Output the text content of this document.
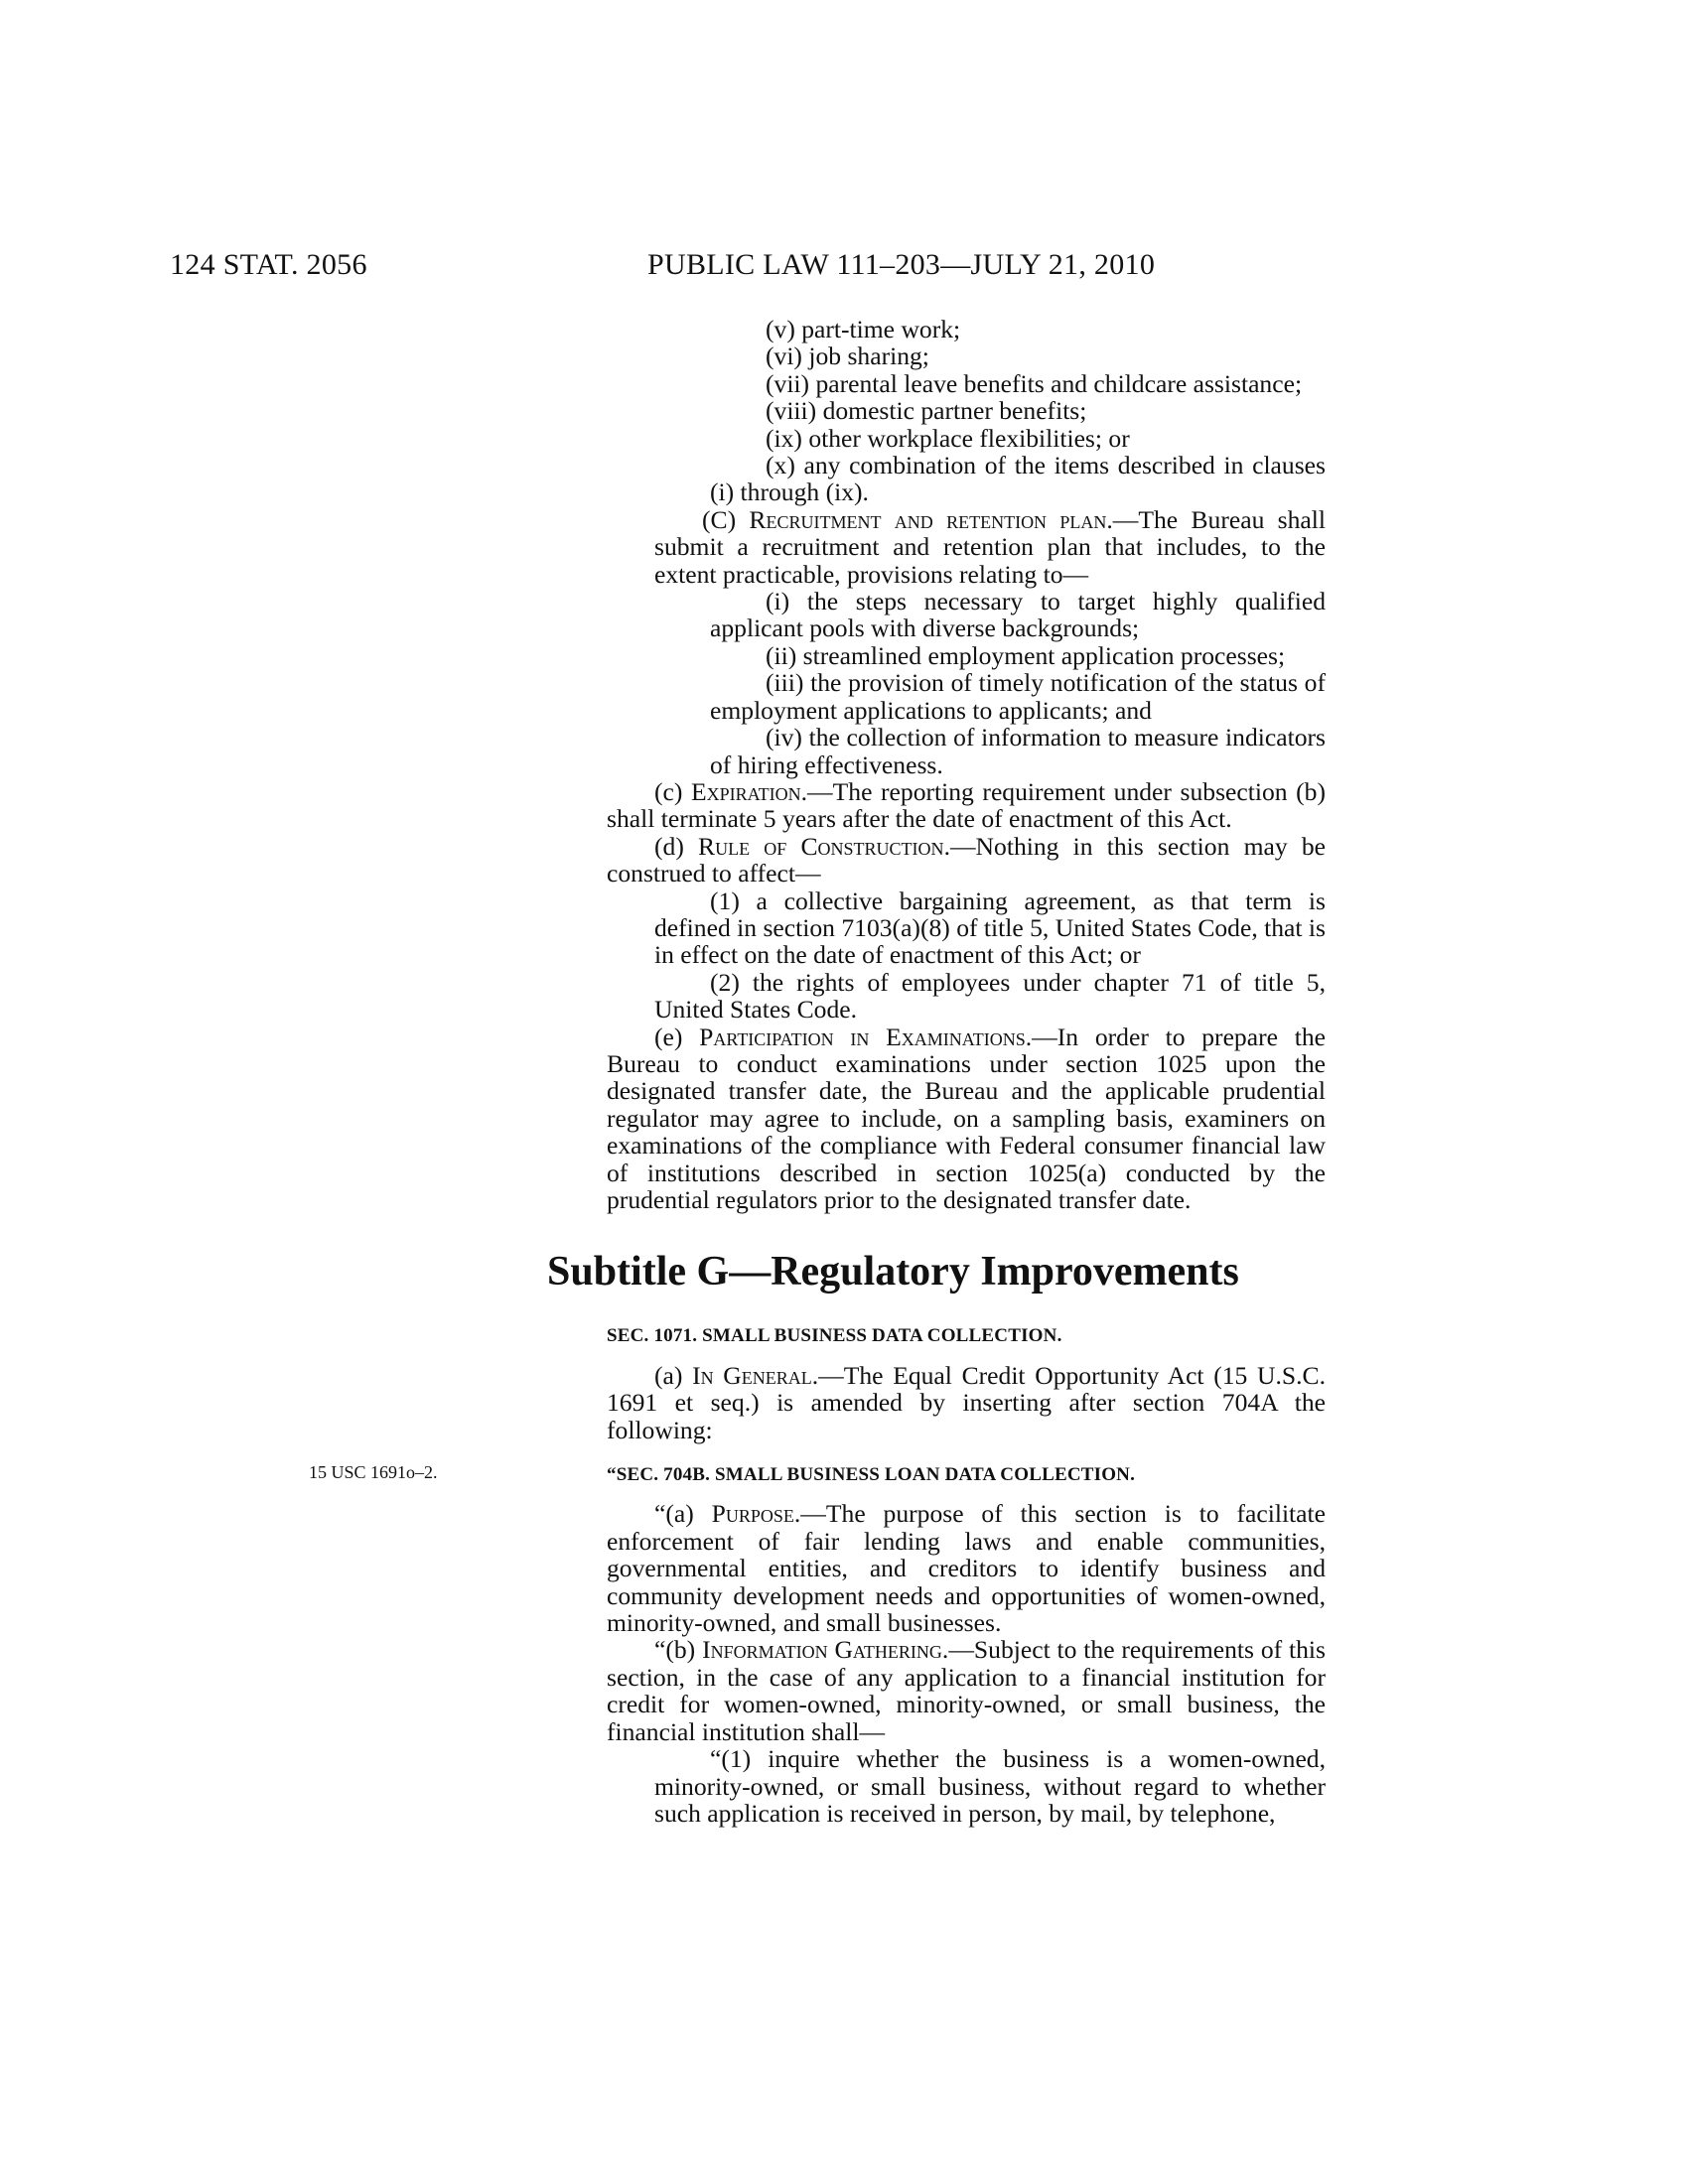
124 STAT. 2056	PUBLIC LAW 111–203—JULY 21, 2010

(v) part-time work;

(vi) job sharing;

(vii) parental leave benefits and childcare assistance;

(viii) domestic partner benefits;

(ix) other workplace flexibilities; or

(x) any combination of the items described in clauses (i) through (ix).

(C) Recruitment and retention plan.—The Bureau shall submit a recruitment and retention plan that includes, to the extent practicable, provisions relating to—

(i) the steps necessary to target highly qualified applicant pools with diverse backgrounds;

(ii) streamlined employment application processes;

(iii) the provision of timely notification of the status of employment applications to applicants; and

(iv) the collection of information to measure indicators of hiring effectiveness.

(c) Expiration.—The reporting requirement under subsection (b) shall terminate 5 years after the date of enactment of this Act.

(d) Rule of Construction.—Nothing in this section may be construed to affect—

(1) a collective bargaining agreement, as that term is defined in section 7103(a)(8) of title 5, United States Code, that is in effect on the date of enactment of this Act; or

(2) the rights of employees under chapter 71 of title 5, United States Code.

(e) Participation in Examinations.—In order to prepare the Bureau to conduct examinations under section 1025 upon the designated transfer date, the Bureau and the applicable prudential regulator may agree to include, on a sampling basis, examiners on examinations of the compliance with Federal consumer financial law of institutions described in section 1025(a) conducted by the prudential regulators prior to the designated transfer date.

Subtitle G—Regulatory Improvements
SEC. 1071. SMALL BUSINESS DATA COLLECTION.

(a) In General.—The Equal Credit Opportunity Act (15 U.S.C. 1691 et seq.) is amended by inserting after section 704A the following:

“SEC. 704B. SMALL BUSINESS LOAN DATA COLLECTION.

“(a) Purpose.—The purpose of this section is to facilitate enforcement of fair lending laws and enable communities, governmental entities, and creditors to identify business and community development needs and opportunities of women-owned, minority-owned, and small businesses.

“(b) Information Gathering.—Subject to the requirements of this section, in the case of any application to a financial institution for credit for women-owned, minority-owned, or small business, the financial institution shall—

“(1) inquire whether the business is a women-owned, minority-owned, or small business, without regard to whether such application is received in person, by mail, by telephone,

15 USC 1691o–2.
